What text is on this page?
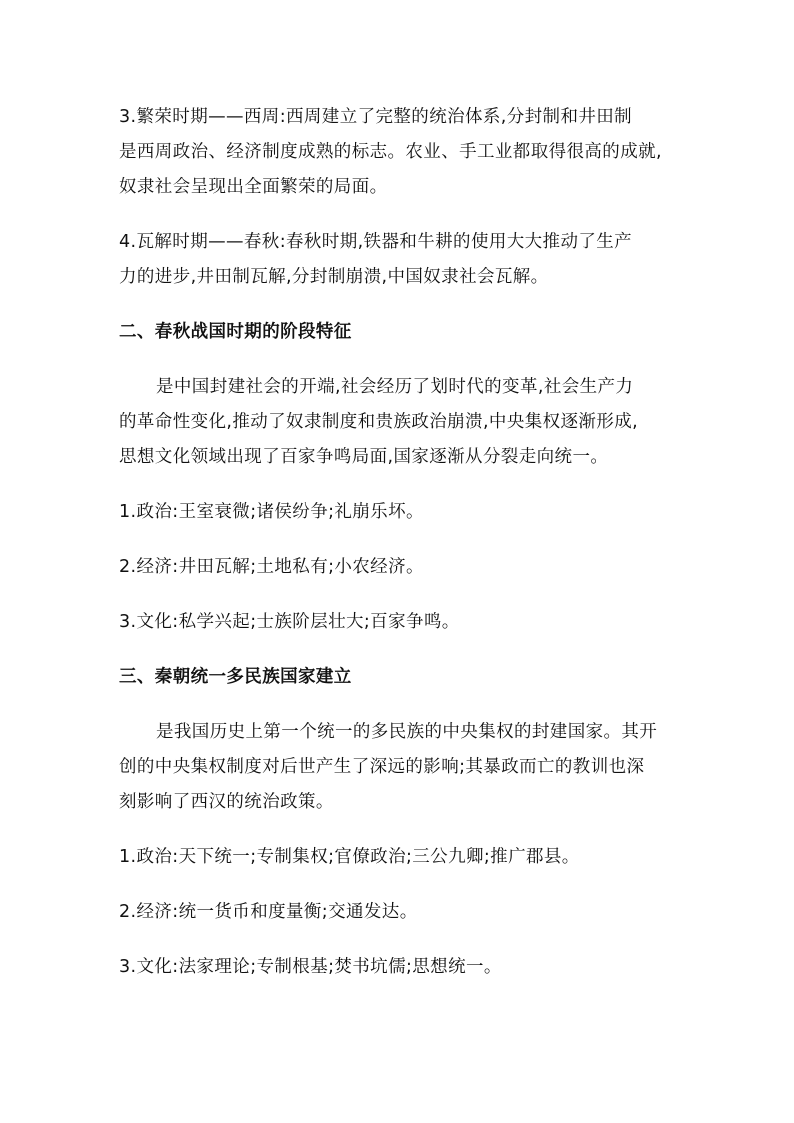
3.繁荣时期——西周:西周建立了完整的统治体系,分封制和井田制
是西周政治、经济制度成熟的标志。农业、手工业都取得很高的成就,
奴隶社会呈现出全面繁荣的局面。

4.瓦解时期——春秋:春秋时期,铁器和牛耕的使用大大推动了生产
力的进步,井田制瓦解,分封制崩溃,中国奴隶社会瓦解。

二、春秋战国时期的阶段特征

是中国封建社会的开端,社会经历了划时代的变革,社会生产力
的革命性变化,推动了奴隶制度和贵族政治崩溃,中央集权逐渐形成,
思想文化领域出现了百家争鸣局面,国家逐渐从分裂走向统一。

1.政治:王室衰微;诸侯纷争;礼崩乐坏。

2.经济:井田瓦解;土地私有;小农经济。

3.文化:私学兴起;士族阶层壮大;百家争鸣。

三、秦朝统一多民族国家建立

是我国历史上第一个统一的多民族的中央集权的封建国家。其开
创的中央集权制度对后世产生了深远的影响;其暴政而亡的教训也深
刻影响了西汉的统治政策。

1.政治:天下统一;专制集权;官僚政治;三公九卿;推广郡县。

2.经济:统一货币和度量衡;交通发达。

3.文化:法家理论;专制根基;焚书坑儒;思想统一。
